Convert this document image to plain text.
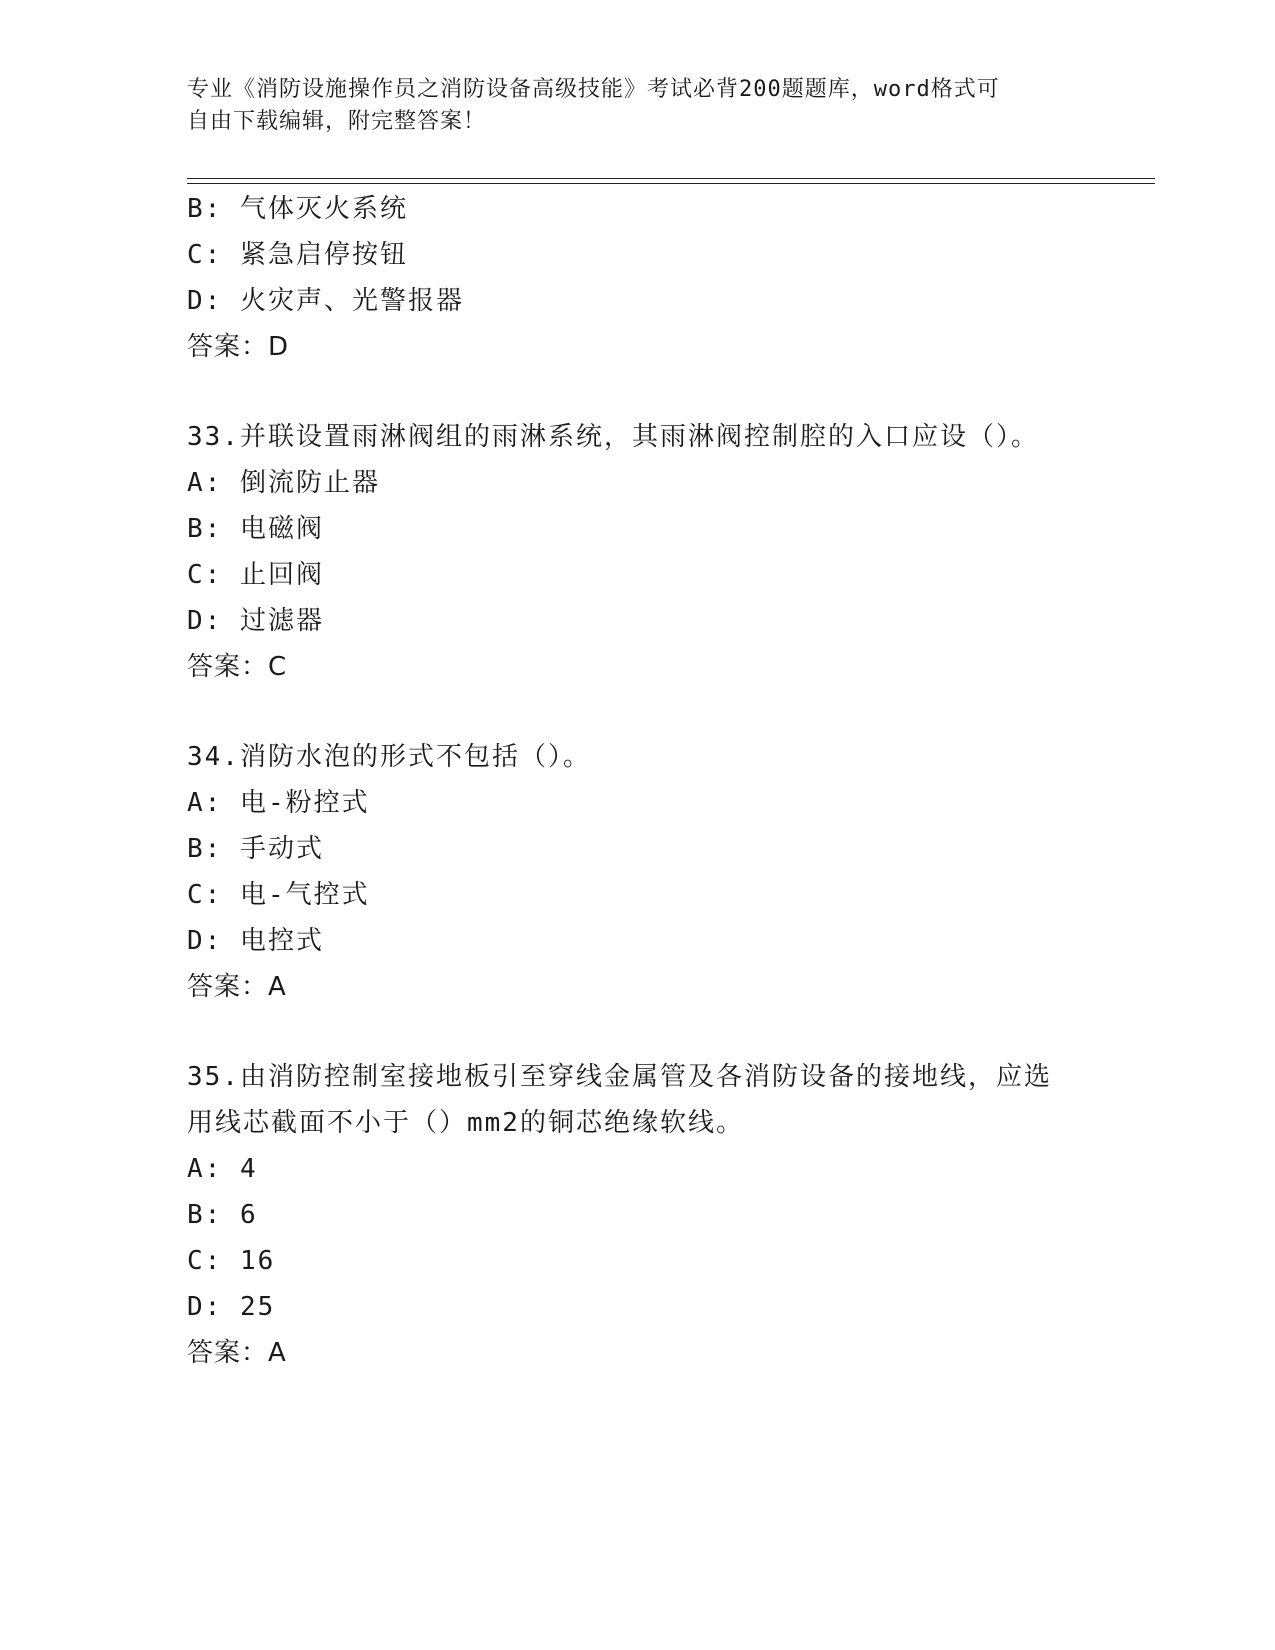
专业《消防设施操作员之消防设备高级技能》考试必背200题题库，word格式可
自由下载编辑，附完整答案！
B: 气体灭火系统
C: 紧急启停按钮
D: 火灾声、光警报器
答案：D
33.并联设置雨淋阀组的雨淋系统，其雨淋阀控制腔的入口应设（）。
A: 倒流防止器
B: 电磁阀
C: 止回阀
D: 过滤器
答案：C
34.消防水泡的形式不包括（）。
A: 电-粉控式
B: 手动式
C: 电-气控式
D: 电控式
答案：A
35.由消防控制室接地板引至穿线金属管及各消防设备的接地线，应选
用线芯截面不小于（）mm2的铜芯绝缘软线。
A: 4
B: 6
C: 16
D: 25
答案：A
